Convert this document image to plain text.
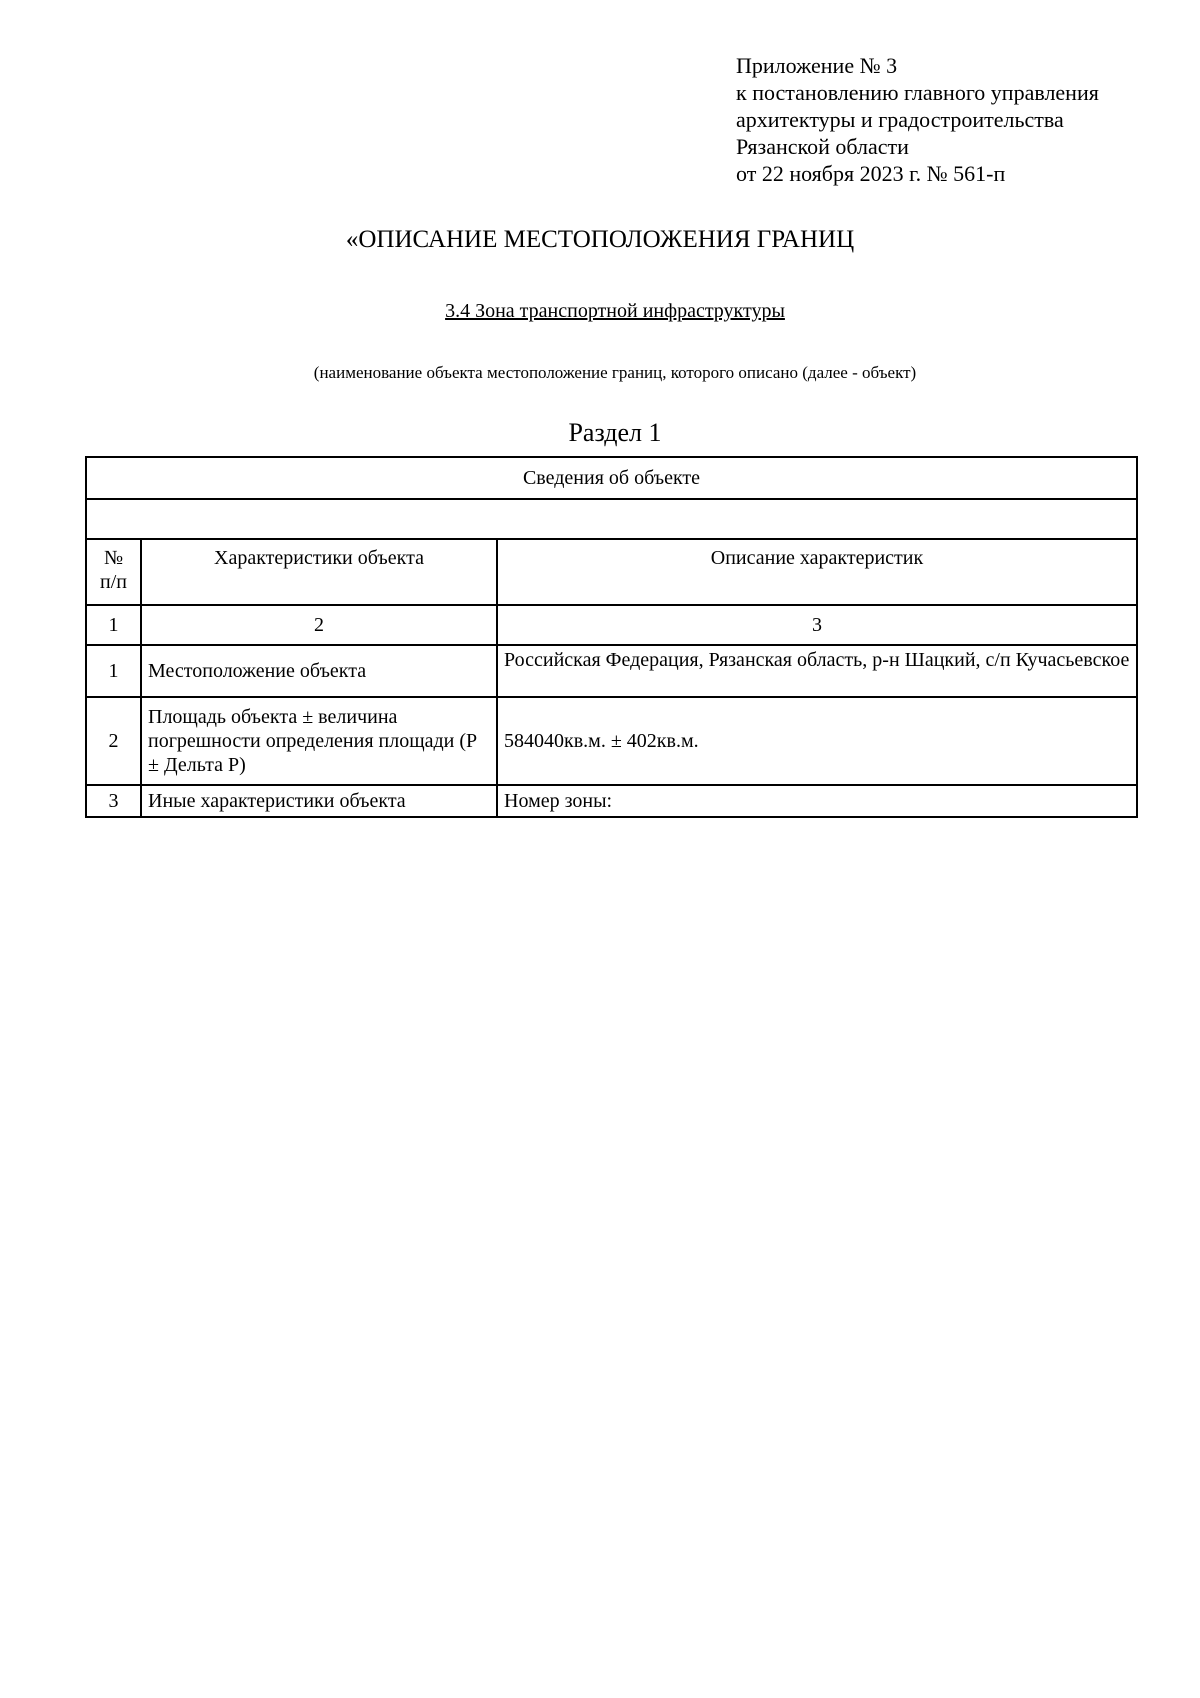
Приложение № 3
к постановлению главного управления
архитектуры и градостроительства
Рязанской области
от 22 ноября 2023 г. № 561-п
«ОПИСАНИЕ МЕСТОПОЛОЖЕНИЯ ГРАНИЦ
3.4 Зона транспортной инфраструктуры
(наименование объекта местоположение границ, которого описано (далее - объект)
Раздел 1
Сведения об объекте		

№
п/п	Характеристики объекта	Описание характеристик
1	2	3
1	Местоположение объекта	Российская Федерация, Рязанская область, р-н Шацкий, с/п Кучасьевское
2	Площадь объекта ± величина погрешности определения площади (P ± Дельта P)	584040кв.м. ± 402кв.м.
3	Иные характеристики объекта	Номер зоны:
